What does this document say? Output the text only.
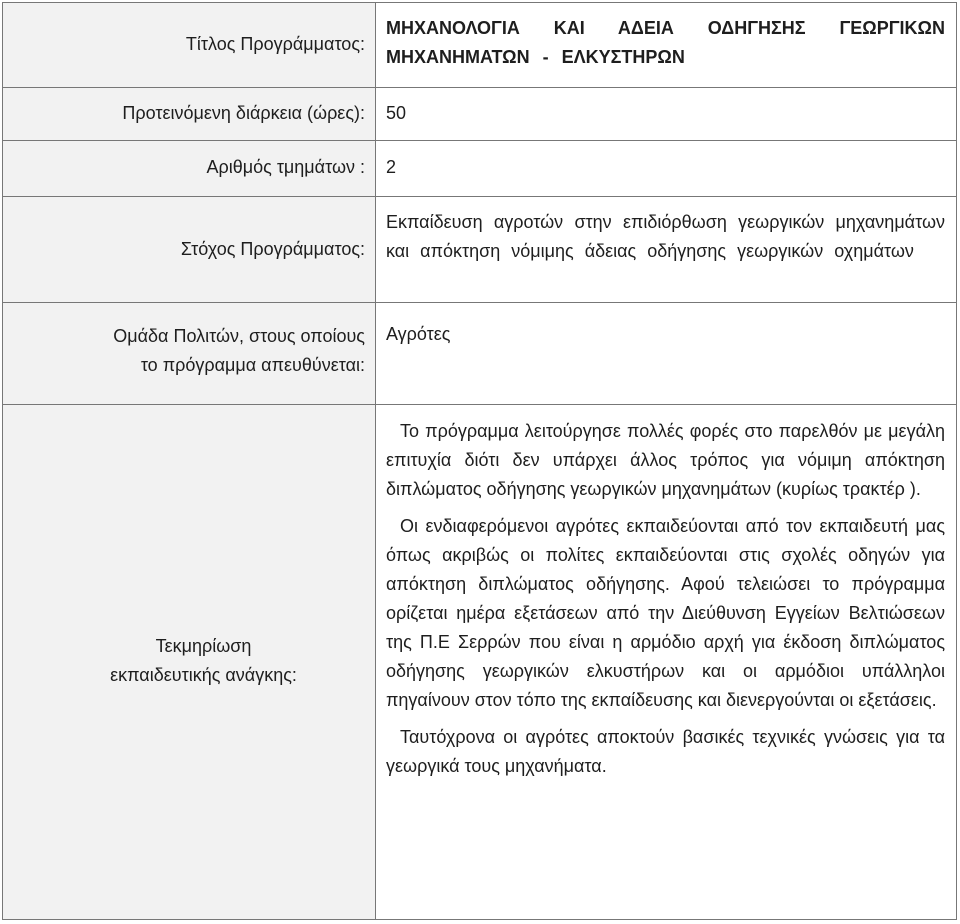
Τίτλος Προγράμματος:
ΜΗΧΑΝΟΛΟΓΙΑ ΚΑΙ ΑΔΕΙΑ ΟΔΗΓΗΣΗΣ ΓΕΩΡΓΙΚΩΝ ΜΗΧΑΝΗΜΑΤΩΝ - ΕΛΚΥΣΤΗΡΩΝ
Προτεινόμενη διάρκεια (ώρες): 50
Αριθμός τμημάτων : 2
Στόχος Προγράμματος:
Εκπαίδευση αγροτών στην επιδιόρθωση γεωργικών μηχανημάτων και απόκτηση νόμιμης άδειας οδήγησης γεωργικών οχημάτων
Ομάδα Πολιτών, στους οποίους
το πρόγραμμα απευθύνεται:
Αγρότες
Τεκμηρίωση
εκπαιδευτικής ανάγκης:

Το πρόγραμμα λειτούργησε πολλές φορές στο παρελθόν με μεγάλη επιτυχία διότι δεν υπάρχει άλλος τρόπος για νόμιμη απόκτηση διπλώματος οδήγησης γεωργικών μηχανημάτων (κυρίως τρακτέρ ).

Οι ενδιαφερόμενοι αγρότες εκπαιδεύονται από τον εκπαιδευτή μας όπως ακριβώς οι πολίτες εκπαιδεύονται στις σχολές οδηγών για απόκτηση διπλώματος οδήγησης. Αφού τελειώσει το πρόγραμμα ορίζεται ημέρα εξετάσεων από την Διεύθυνση Εγγείων Βελτιώσεων της Π.Ε Σερρών που είναι η αρμόδιο αρχή για έκδοση διπλώματος οδήγησης γεωργικών ελκυστήρων και οι αρμόδιοι υπάλληλοι πηγαίνουν στον τόπο της εκπαίδευσης και διενεργούνται οι εξετάσεις.

Ταυτόχρονα οι αγρότες αποκτούν βασικές τεχνικές γνώσεις για τα γεωργικά τους μηχανήματα.
